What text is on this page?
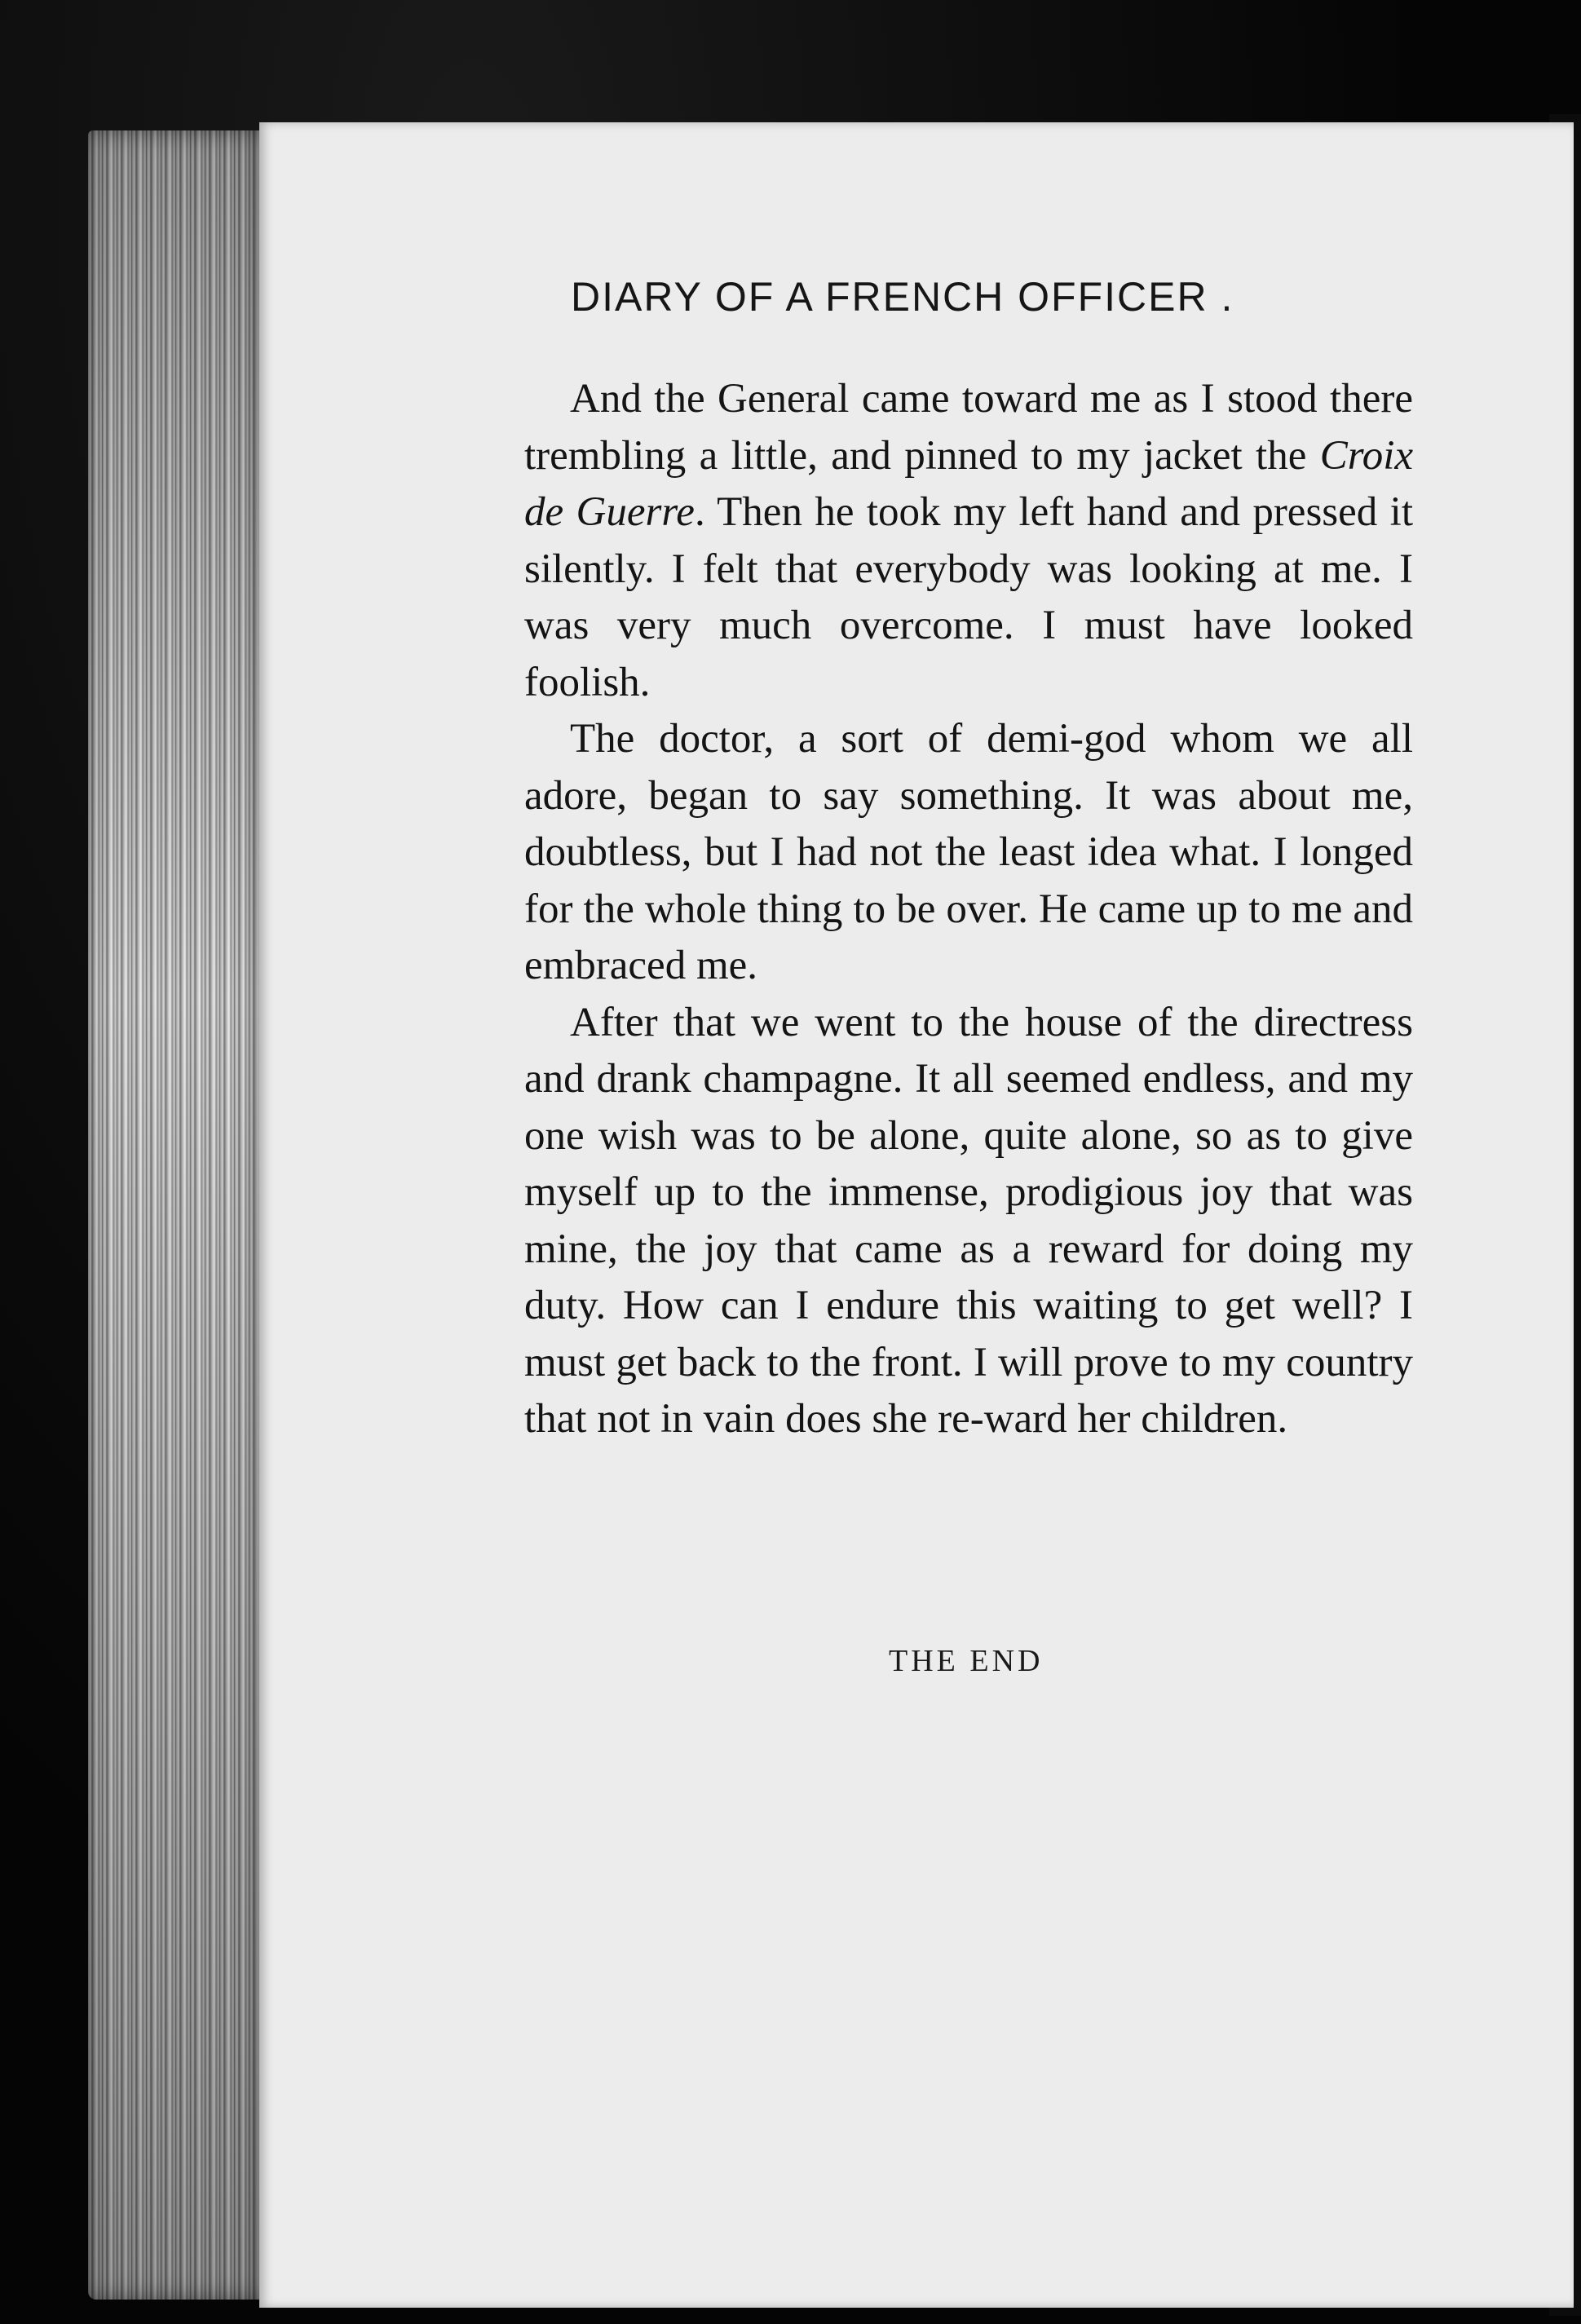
DIARY OF A FRENCH OFFICER .

And the General came toward me as I stood there trembling a little, and pinned to my jacket the Croix de Guerre. Then he took my left hand and pressed it silently. I felt that everybody was looking at me. I was very much overcome. I must have looked foolish.

The doctor, a sort of demi-god whom we all adore, began to say something. It was about me, doubtless, but I had not the least idea what. I longed for the whole thing to be over. He came up to me and embraced me.

After that we went to the house of the directress and drank champagne. It all seemed endless, and my one wish was to be alone, quite alone, so as to give myself up to the immense, prodigious joy that was mine, the joy that came as a reward for doing my duty. How can I endure this waiting to get well? I must get back to the front. I will prove to my country that not in vain does she re-ward her children.

THE END
